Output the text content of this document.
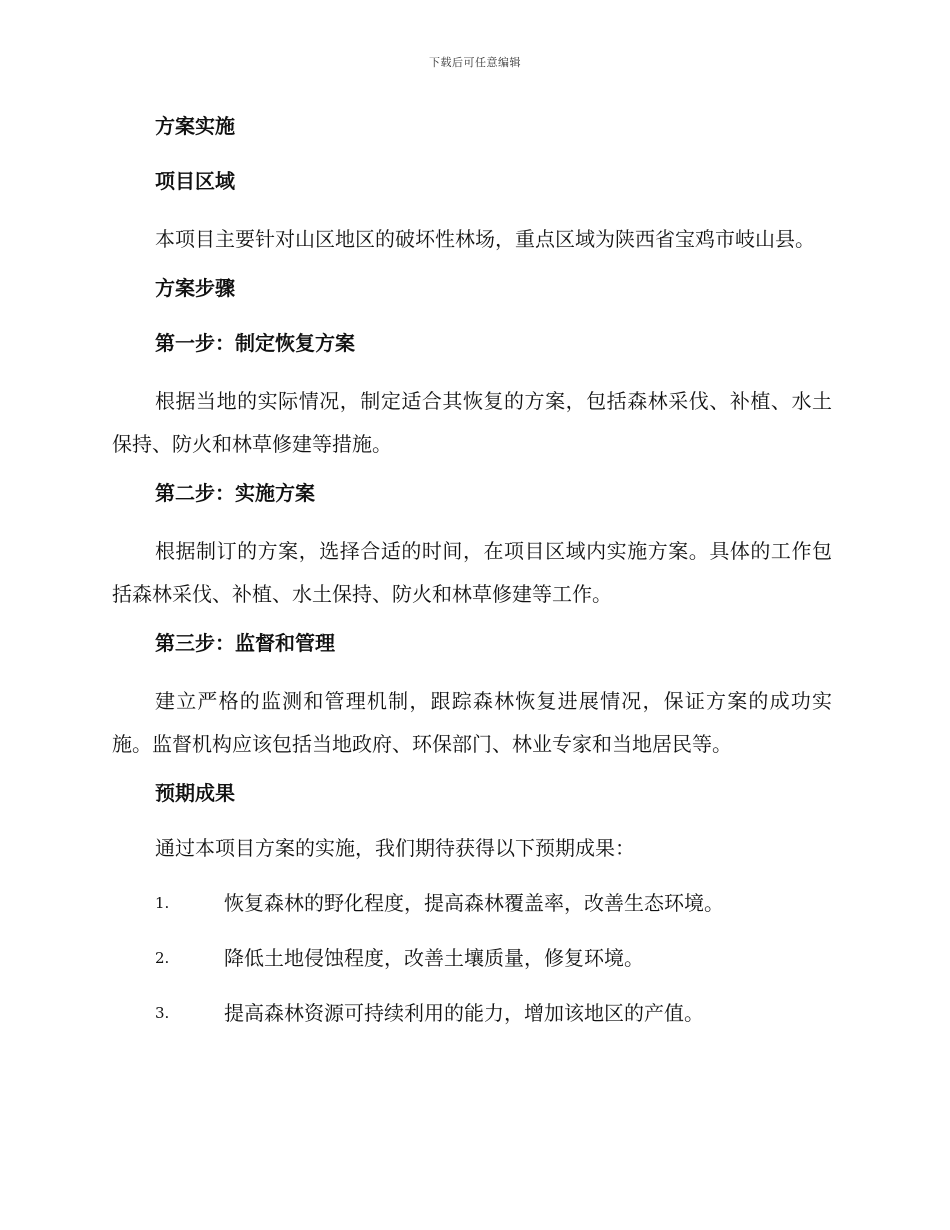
下载后可任意编辑
方案实施
项目区域
本项目主要针对山区地区的破坏性林场，重点区域为陕西省宝鸡市岐山县。
方案步骤
第一步：制定恢复方案
根据当地的实际情况，制定适合其恢复的方案，包括森林采伐、补植、水土保持、防火和林草修建等措施。
第二步：实施方案
根据制订的方案，选择合适的时间，在项目区域内实施方案。具体的工作包括森林采伐、补植、水土保持、防火和林草修建等工作。
第三步：监督和管理
建立严格的监测和管理机制，跟踪森林恢复进展情况，保证方案的成功实施。监督机构应该包括当地政府、环保部门、林业专家和当地居民等。
预期成果
通过本项目方案的实施，我们期待获得以下预期成果：
1.	恢复森林的野化程度，提高森林覆盖率，改善生态环境。
2.	降低土地侵蚀程度，改善土壤质量，修复环境。
3.	提高森林资源可持续利用的能力，增加该地区的产值。
